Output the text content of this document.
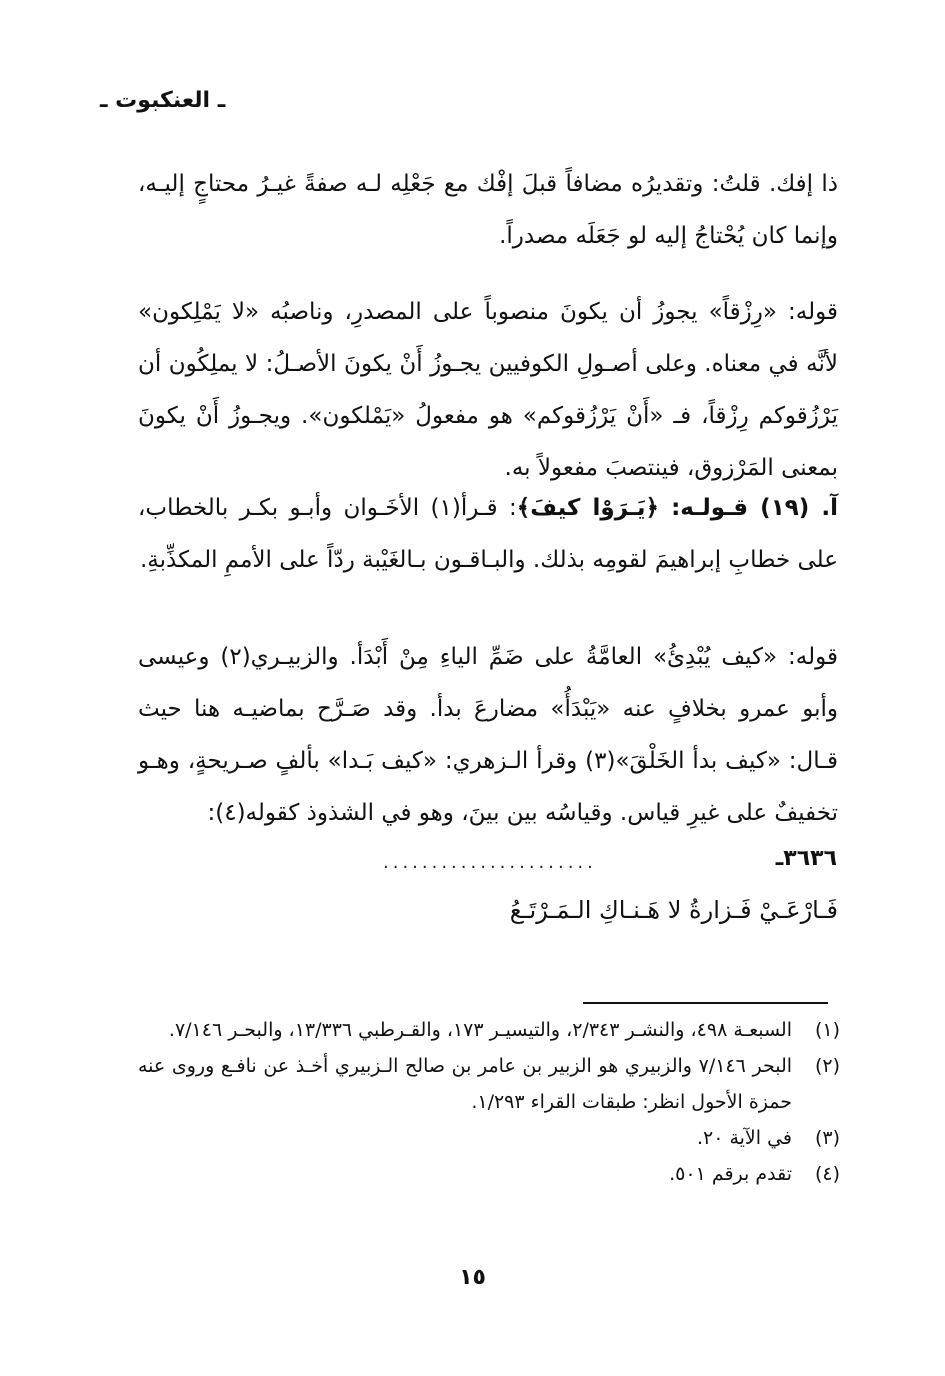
ـ العنكبوت ـ

ذا إفك. قلتُ: وتقديرُه مضافاً قبلَ إفْك مع جَعْلِه لـه صفةً غيـرُ محتاجٍ إليـه، وإنما كان يُحْتاجُ إليه لو جَعَلَه مصدراً.

قوله: «رِزْقاً» يجوزُ أن يكونَ منصوباً على المصدرِ، وناصبُه «لا يَمْلِكون» لأنَّه في معناه. وعلى أصـولِ الكوفيين يجـوزُ أَنْ يكونَ الأصـلُ: لا يملِكُون أن يَرْزُقوكم رِزْقاً، فـ «أَنْ يَرْزُقوكم» هو مفعولُ «يَمْلكون». ويجـوزُ أَنْ يكونَ بمعنى المَرْزوق، فينتصبَ مفعولاً به.

آ. (١٩) قـولـه: ﴿يَـرَوْا كيفَ﴾: قـرأ(١) الأخَـوان وأبـو بكـر بالخطاب، على خطابِ إبراهيمَ لقومِه بذلك. والبـاقـون بـالغَيْبة ردّاً على الأممِ المكذِّبةِ.

قوله: «كيف يُبْدِئُ» العامَّةُ على ضَمِّ الياءِ مِنْ أَبْدَأ. والزبيـري(٢) وعيسى وأبو عمرو بخلافٍ عنه «يَبْدَأُ» مضارعَ بدأ. وقد صَـرَّح بماضيـه هنا حيث قـال: «كيف بدأ الخَلْقَ»(٣) وقرأ الـزهري: «كيف بَـدا» بألفٍ صـريحةٍ، وهـو تخفيفٌ على غيرِ قياس. وقياسُه بين بينَ، وهو في الشذوذ كقوله(٤):

٣٦٣٦ـ
......................
فَـارْعَـيْ فَـزارةُ لا هَـنـاكِ الـمَـرْتَـعُ
(١)
السبعـة ٤٩٨، والنشـر ٢/٣٤٣، والتيسيـر ١٧٣، والقـرطبي ١٣/٣٣٦، والبحـر ٧/١٤٦.
(٢)
البحر ٧/١٤٦ والزبيري هو الزبير بن عامر بن صالح الـزبيري أخـذ عن نافـع وروى عنه حمزة الأحول انظر: طبقات القراء ١/٢٩٣.
(٣)
في الآية ٢٠.
(٤)
تقدم برقم ٥٠١.
١٥
